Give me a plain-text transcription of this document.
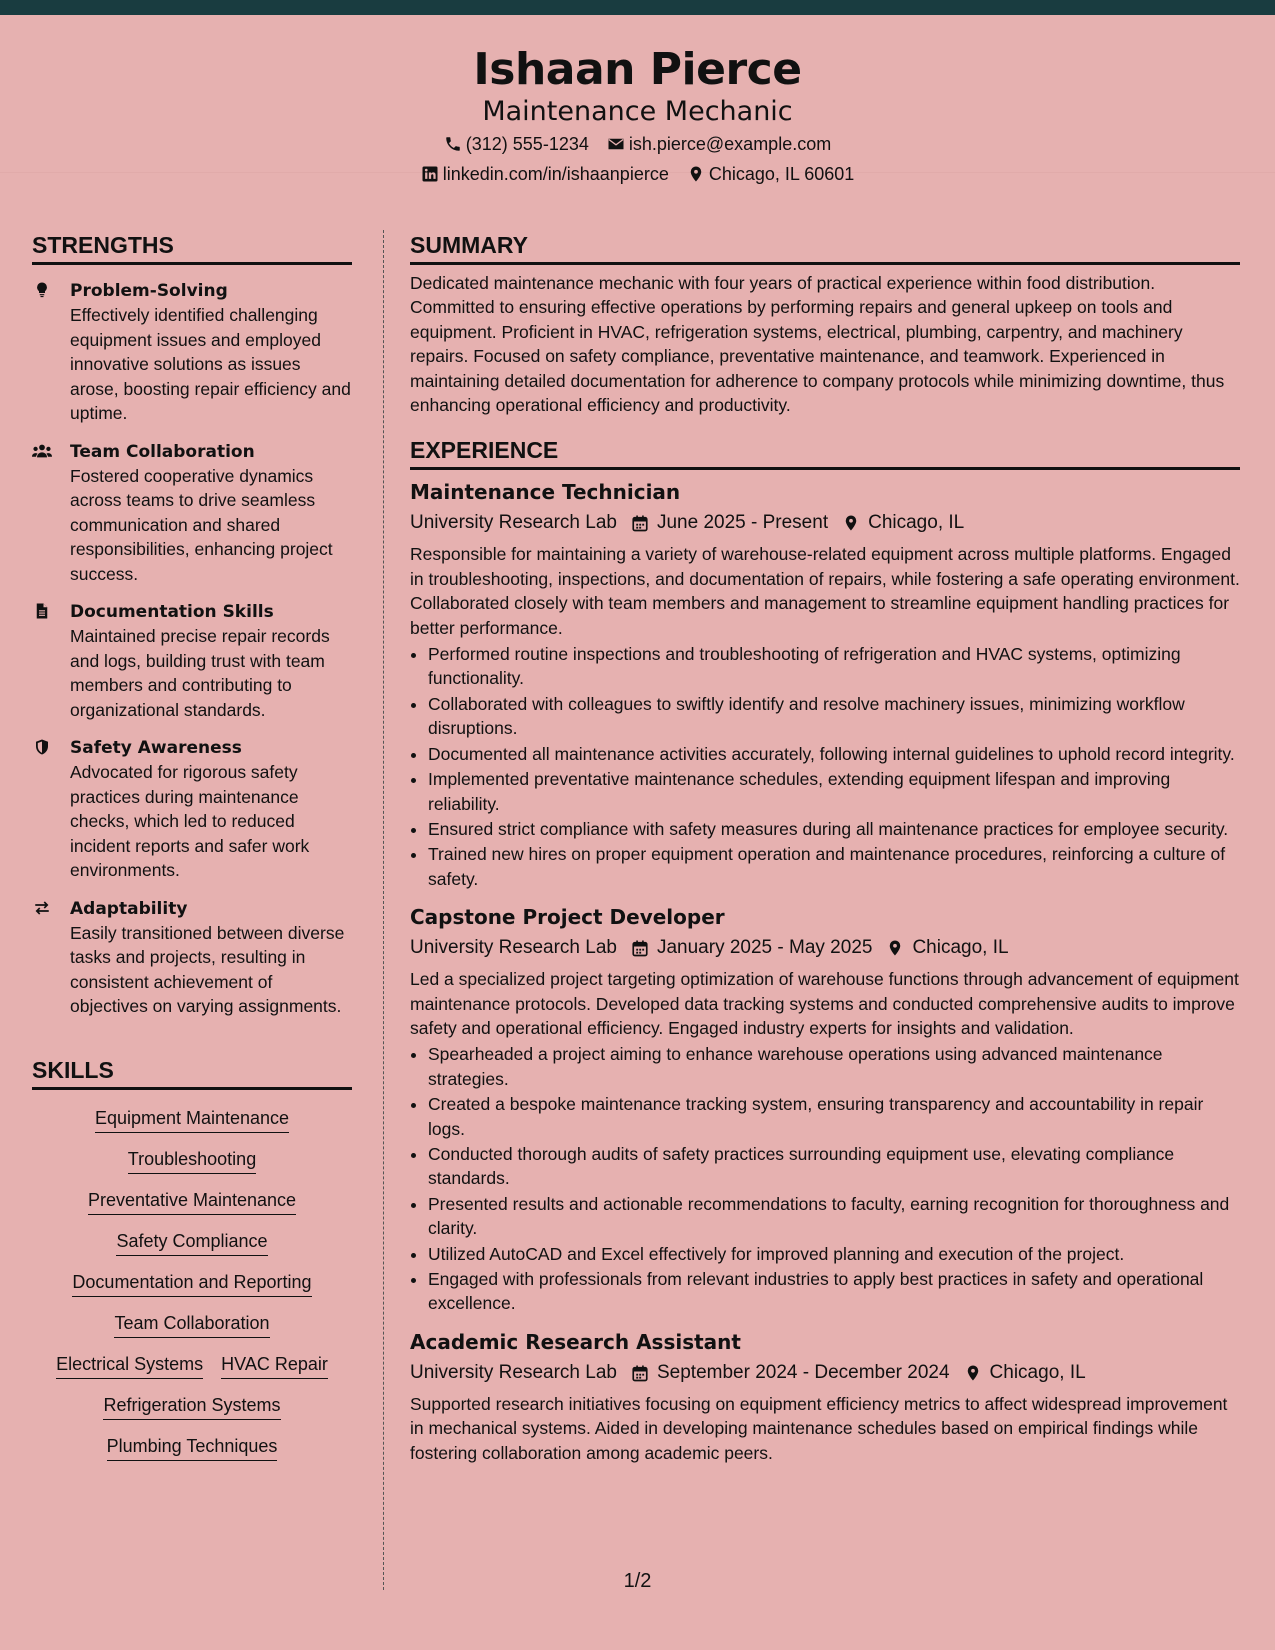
Ishaan Pierce
Maintenance Mechanic
(312) 555-1234 ish.pierce@example.com
linkedin.com/in/ishaanpierce Chicago, IL 60601
STRENGTHS
Problem-Solving
Effectively identified challenging equipment issues and employed innovative solutions as issues arose, boosting repair efficiency and uptime.
Team Collaboration
Fostered cooperative dynamics across teams to drive seamless communication and shared responsibilities, enhancing project success.
Documentation Skills
Maintained precise repair records and logs, building trust with team members and contributing to organizational standards.
Safety Awareness
Advocated for rigorous safety practices during maintenance checks, which led to reduced incident reports and safer work environments.
Adaptability
Easily transitioned between diverse tasks and projects, resulting in consistent achievement of objectives on varying assignments.
SKILLS
Equipment Maintenance
Troubleshooting
Preventative Maintenance
Safety Compliance
Documentation and Reporting
Team Collaboration
Electrical Systems HVAC Repair
Refrigeration Systems
Plumbing Techniques
SUMMARY
Dedicated maintenance mechanic with four years of practical experience within food distribution. Committed to ensuring effective operations by performing repairs and general upkeep on tools and equipment. Proficient in HVAC, refrigeration systems, electrical, plumbing, carpentry, and machinery repairs. Focused on safety compliance, preventative maintenance, and teamwork. Experienced in maintaining detailed documentation for adherence to company protocols while minimizing downtime, thus enhancing operational efficiency and productivity.
EXPERIENCE
Maintenance Technician
University Research Lab June 2025 - Present Chicago, IL
Responsible for maintaining a variety of warehouse-related equipment across multiple platforms. Engaged in troubleshooting, inspections, and documentation of repairs, while fostering a safe operating environment. Collaborated closely with team members and management to streamline equipment handling practices for better performance.
• Performed routine inspections and troubleshooting of refrigeration and HVAC systems, optimizing functionality.
• Collaborated with colleagues to swiftly identify and resolve machinery issues, minimizing workflow disruptions.
• Documented all maintenance activities accurately, following internal guidelines to uphold record integrity.
• Implemented preventative maintenance schedules, extending equipment lifespan and improving reliability.
• Ensured strict compliance with safety measures during all maintenance practices for employee security.
• Trained new hires on proper equipment operation and maintenance procedures, reinforcing a culture of safety.
Capstone Project Developer
University Research Lab January 2025 - May 2025 Chicago, IL
Led a specialized project targeting optimization of warehouse functions through advancement of equipment maintenance protocols. Developed data tracking systems and conducted comprehensive audits to improve safety and operational efficiency. Engaged industry experts for insights and validation.
• Spearheaded a project aiming to enhance warehouse operations using advanced maintenance strategies.
• Created a bespoke maintenance tracking system, ensuring transparency and accountability in repair logs.
• Conducted thorough audits of safety practices surrounding equipment use, elevating compliance standards.
• Presented results and actionable recommendations to faculty, earning recognition for thoroughness and clarity.
• Utilized AutoCAD and Excel effectively for improved planning and execution of the project.
• Engaged with professionals from relevant industries to apply best practices in safety and operational excellence.
Academic Research Assistant
University Research Lab September 2024 - December 2024 Chicago, IL
Supported research initiatives focusing on equipment efficiency metrics to affect widespread improvement in mechanical systems. Aided in developing maintenance schedules based on empirical findings while fostering collaboration among academic peers.
1/2
